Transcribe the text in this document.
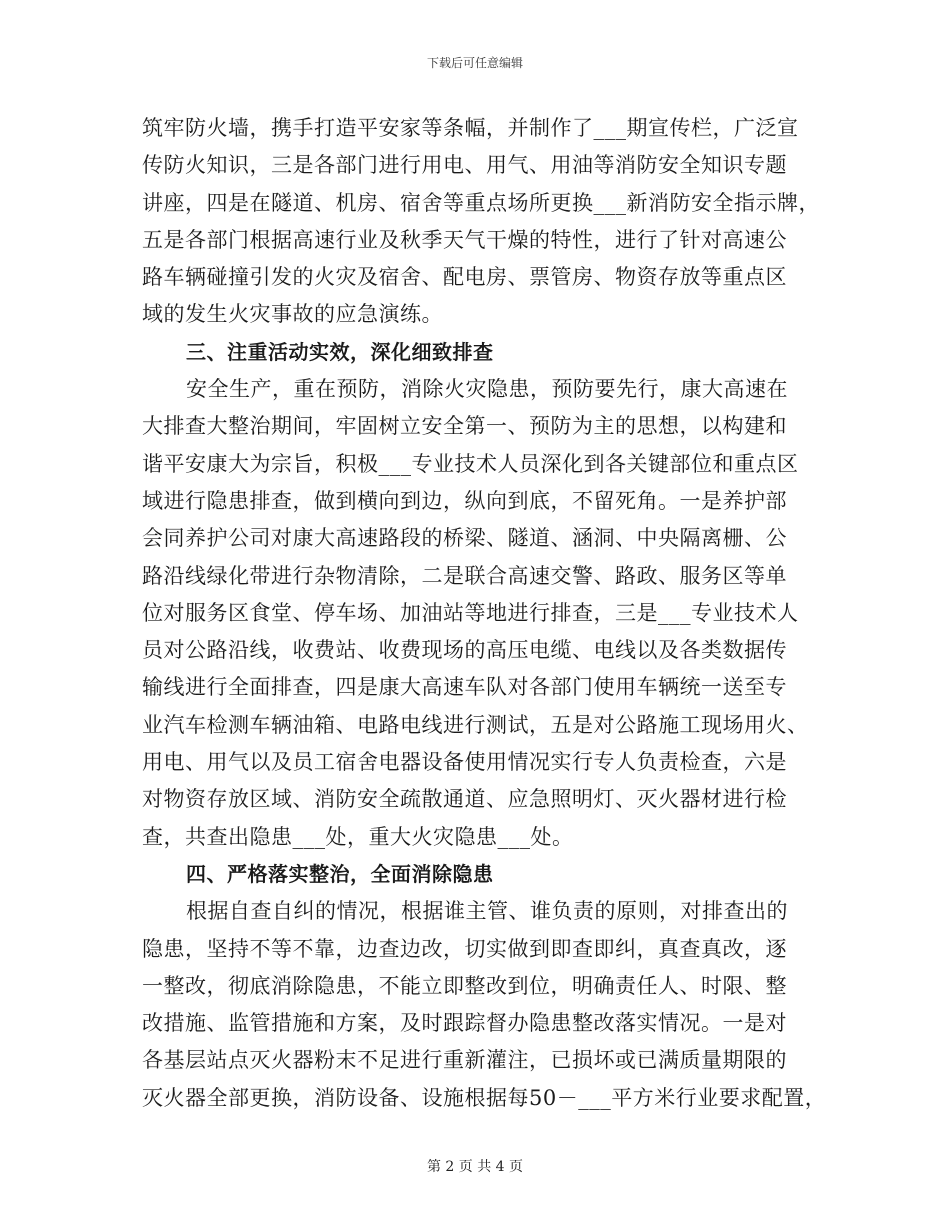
下载后可任意编辑
筑牢防火墙，携手打造平安家等条幅，并制作了___期宣传栏，广泛宣
传防火知识，三是各部门进行用电、用气、用油等消防安全知识专题
讲座，四是在隧道、机房、宿舍等重点场所更换___新消防安全指示牌，
五是各部门根据高速行业及秋季天气干燥的特性，进行了针对高速公
路车辆碰撞引发的火灾及宿舍、配电房、票管房、物资存放等重点区
域的发生火灾事故的应急演练。
三、注重活动实效，深化细致排查
安全生产，重在预防，消除火灾隐患，预防要先行，康大高速在
大排查大整治期间，牢固树立安全第一、预防为主的思想，以构建和
谐平安康大为宗旨，积极___专业技术人员深化到各关键部位和重点区
域进行隐患排查，做到横向到边，纵向到底，不留死角。一是养护部
会同养护公司对康大高速路段的桥梁、隧道、涵洞、中央隔离栅、公
路沿线绿化带进行杂物清除，二是联合高速交警、路政、服务区等单
位对服务区食堂、停车场、加油站等地进行排查，三是___专业技术人
员对公路沿线，收费站、收费现场的高压电缆、电线以及各类数据传
输线进行全面排查，四是康大高速车队对各部门使用车辆统一送至专
业汽车检测车辆油箱、电路电线进行测试，五是对公路施工现场用火、
用电、用气以及员工宿舍电器设备使用情况实行专人负责检查，六是
对物资存放区域、消防安全疏散通道、应急照明灯、灭火器材进行检
查，共查出隐患___处，重大火灾隐患___处。
四、严格落实整治，全面消除隐患
根据自查自纠的情况，根据谁主管、谁负责的原则，对排查出的
隐患，坚持不等不靠，边查边改，切实做到即查即纠，真查真改，逐
一整改，彻底消除隐患，不能立即整改到位，明确责任人、时限、整
改措施、监管措施和方案，及时跟踪督办隐患整改落实情况。一是对
各基层站点灭火器粉末不足进行重新灌注，已损坏或已满质量期限的
灭火器全部更换，消防设备、设施根据每50－___平方米行业要求配置，
第 2 页 共 4 页
